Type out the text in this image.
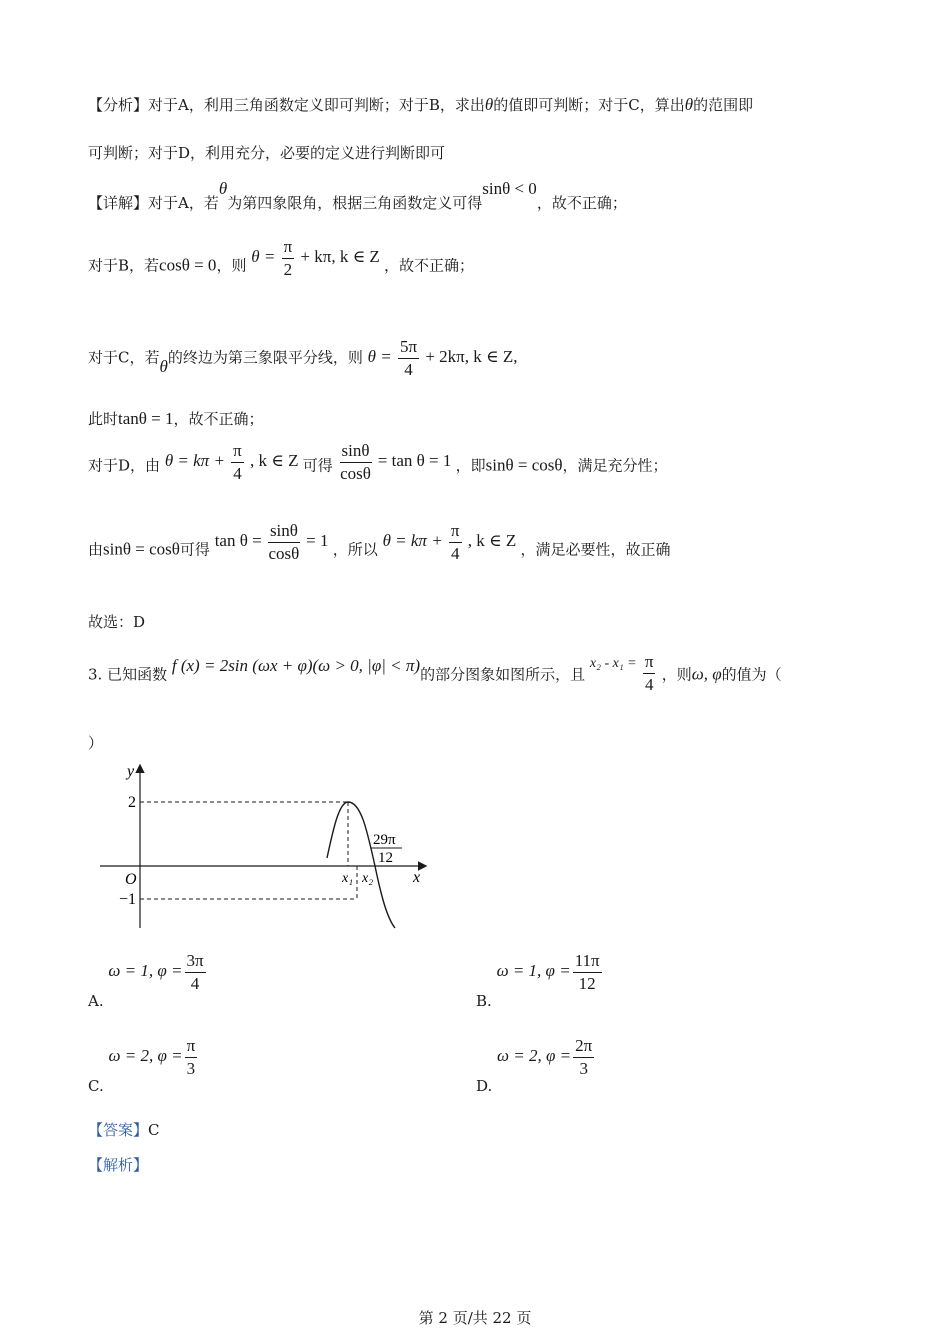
【分析】对于A，利用三角函数定义即可判断；对于B，求出θ的值即可判断；对于C，算出θ的范围即
可判断；对于D，利用充分，必要的定义进行判断即可
【详解】对于A，若θ为第四象限角，根据三角函数定义可得sinθ < 0，故不正确；
对于B，若cosθ = 0，则 $\theta = \frac{\pi}{2} + k\pi$, k ∈ Z ，故不正确；
对于C，若θ的终边为第三象限平分线，则 $\theta = \frac{5\pi}{4} + 2k\pi$, k ∈ Z,
此时tanθ = 1，故不正确；
对于D，由 $\theta = k\pi + \frac{\pi}{4}$ , k ∈ Z 可得 $\frac{\sin\theta}{\cos\theta} = \tan \theta = 1$ ，即sinθ = cosθ，满足充分性；
由sinθ = cosθ可得 $\tan \theta = \frac{\sin\theta}{\cos\theta} = 1$ ，所以 $\theta = k\pi + \frac{\pi}{4}$ , k ∈ Z ，满足必要性，故正确
故选：D
3. 已知函数 f (x) = 2sin (ωx + φ)(ω > 0, |φ| < π)的部分图象如图所示，且 $^{x_2 - x_1 =} \frac{\pi}{4}$ ，则ω, φ的值为（
）
y
x
O
2
−1
x₁ x₂
29π
12
A. ω = 1, $\varphi = \frac{3\pi}{4}$
B. ω = 1, $\varphi = \frac{11\pi}{12}$
C. ω = 2, $\varphi = \frac{\pi}{3}$
D. ω = 2, $\varphi = \frac{2\pi}{3}$
【答案】C
【解析】
第 2 页/共 22 页
